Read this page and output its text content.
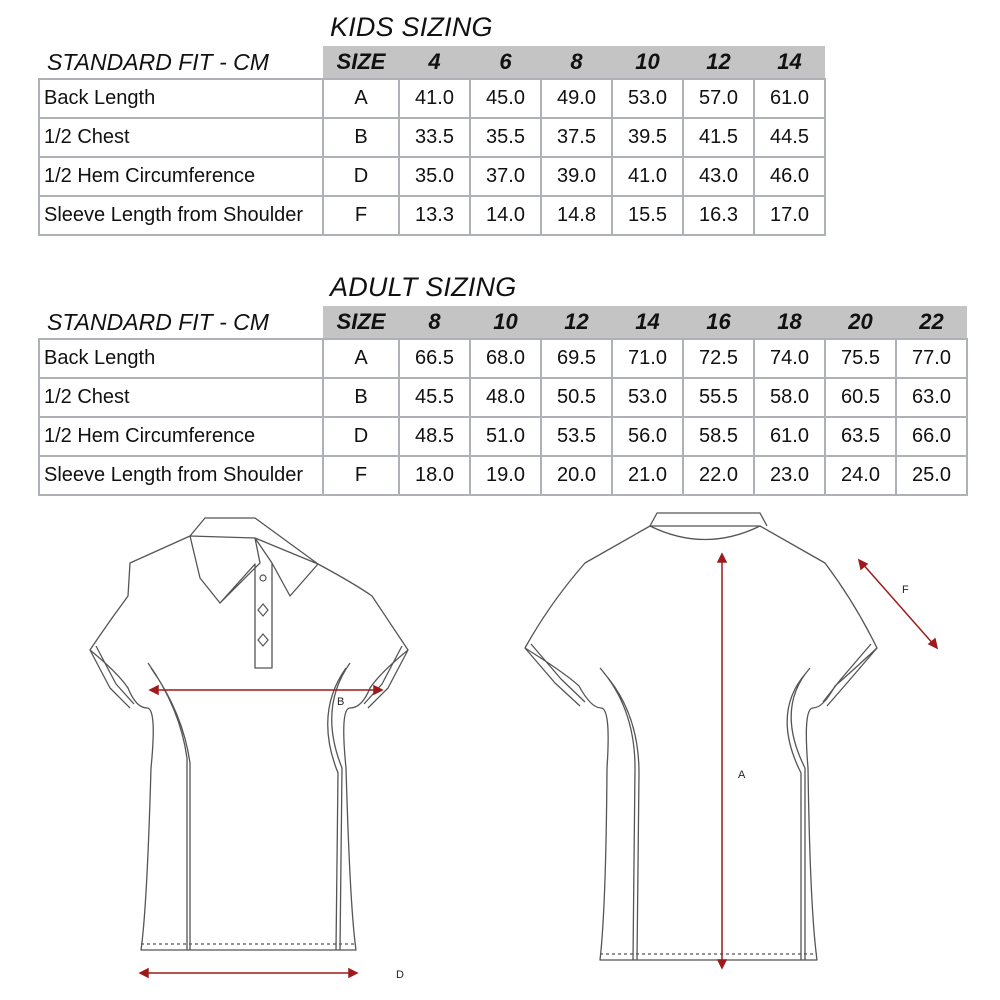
KIDS SIZING
STANDARD FIT - CM	SIZE	4	6	8	10	12	14
Back Length	A	41.0	45.0	49.0	53.0	57.0	61.0
1/2 Chest	B	33.5	35.5	37.5	39.5	41.5	44.5
1/2 Hem Circumference	D	35.0	37.0	39.0	41.0	43.0	46.0
Sleeve Length from Shoulder	F	13.3	14.0	14.8	15.5	16.3	17.0
ADULT SIZING
STANDARD FIT - CM	SIZE	8	10	12	14	16	18	20	22
Back Length	A	66.5	68.0	69.5	71.0	72.5	74.0	75.5	77.0
1/2 Chest	B	45.5	48.0	50.5	53.0	55.5	58.0	60.5	63.0
1/2 Hem Circumference	D	48.5	51.0	53.5	56.0	58.5	61.0	63.5	66.0
Sleeve Length from Shoulder	F	18.0	19.0	20.0	21.0	22.0	23.0	24.0	25.0
B
D
A
F
